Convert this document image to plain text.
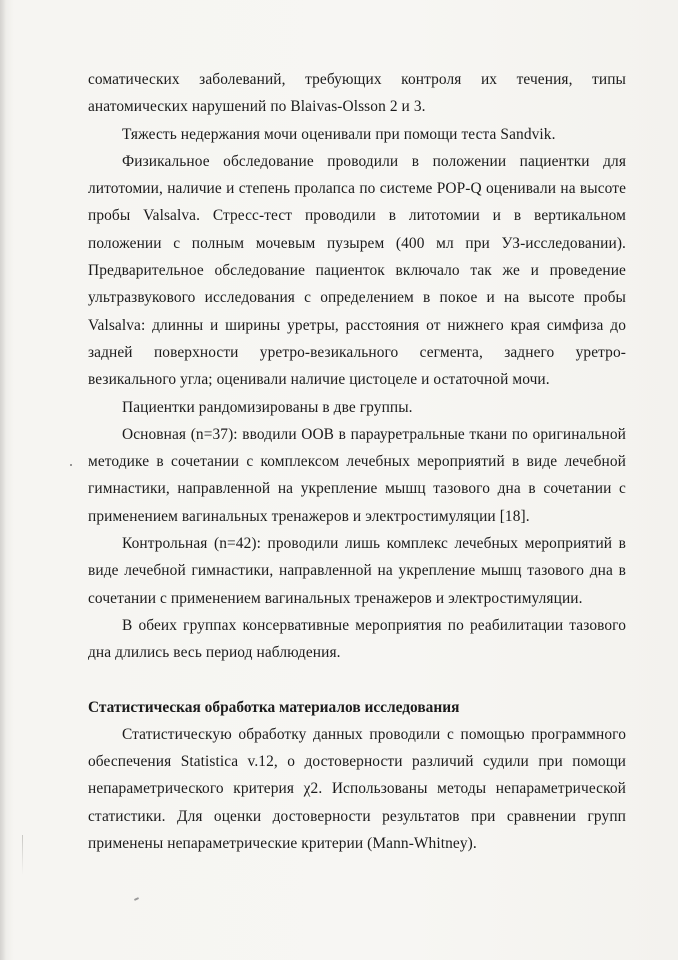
соматических заболеваний, требующих контроля их течения, типы анатомических нарушений по Blaivas-Olsson 2 и 3.

Тяжесть недержания мочи оценивали при помощи теста Sandvik.

Физикальное обследование проводили в положении пациентки для литотомии, наличие и степень пролапса по системе POP-Q оценивали на высоте пробы Valsalva. Стресс-тест проводили в литотомии и в вертикальном положении с полным мочевым пузырем (400 мл при УЗ-исследовании). Предварительное обследование пациенток включало так же и проведение ультразвукового исследования с определением в покое и на высоте пробы Valsalva: длинны и ширины уретры, расстояния от нижнего края симфиза до задней поверхности уретро-везикального сегмента, заднего уретро-везикального угла; оценивали наличие цистоцеле и остаточной мочи.

Пациентки рандомизированы в две группы.

Основная (n=37): вводили ООВ в парауретральные ткани по оригинальной методике в сочетании с комплексом лечебных мероприятий в виде лечебной гимнастики, направленной на укрепление мышц тазового дна в сочетании с применением вагинальных тренажеров и электростимуляции [18].

Контрольная (n=42): проводили лишь комплекс лечебных мероприятий в виде лечебной гимнастики, направленной на укрепление мышц тазового дна в сочетании с применением вагинальных тренажеров и электростимуляции.

В обеих группах консервативные мероприятия по реабилитации тазового дна длились весь период наблюдения.

Статистическая обработка материалов исследования

Статистическую обработку данных проводили с помощью программного обеспечения Statistica v.12, о достоверности различий судили при помощи непараметрического критерия χ2. Использованы методы непараметрической статистики. Для оценки достоверности результатов при сравнении групп применены непараметрические критерии (Mann-Whitney).
